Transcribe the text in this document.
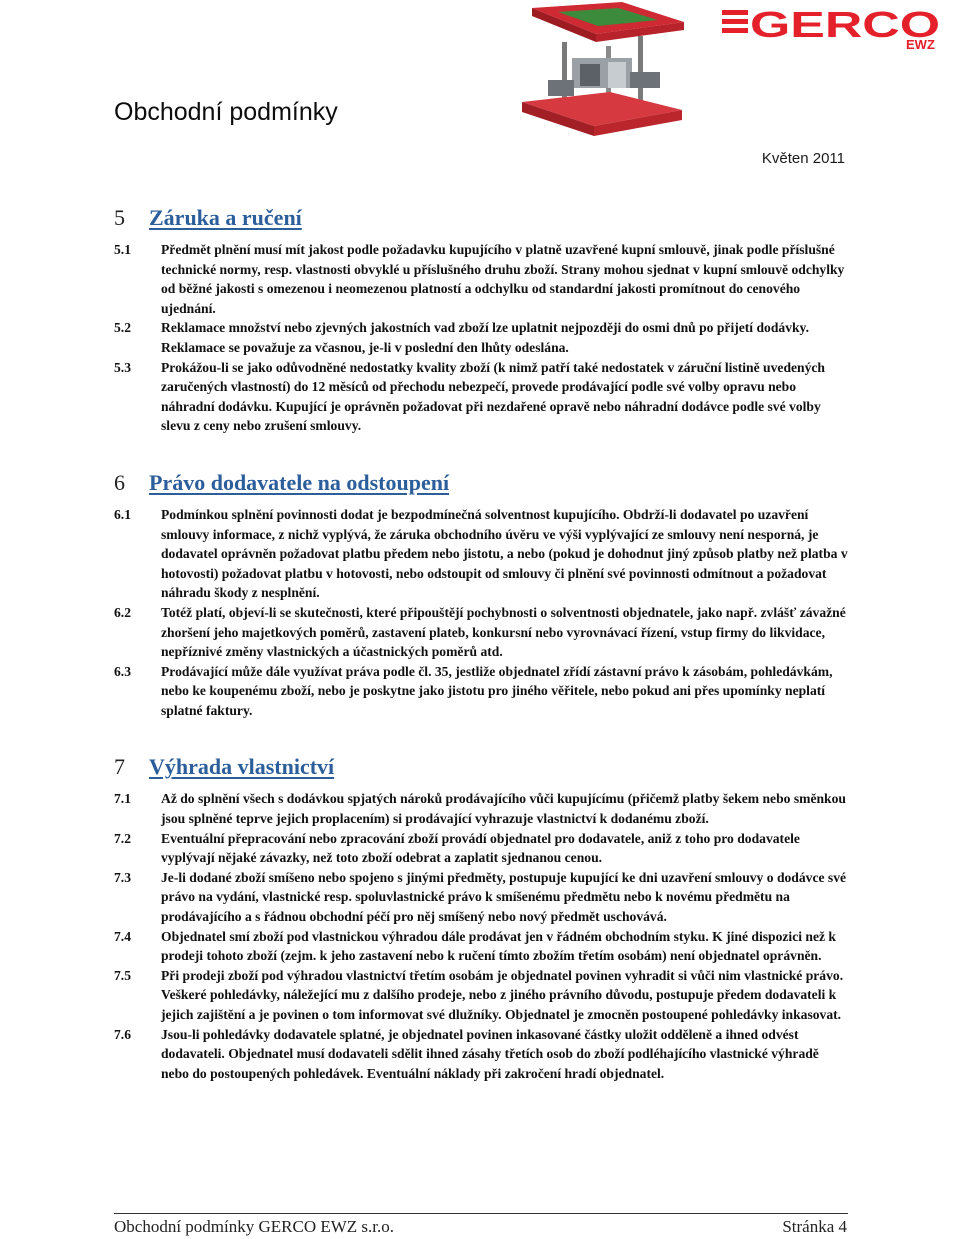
Obchodní podmínky
GERCO
EWZ
Květen 2011
5	Záruka a ručení
5.1	Předmět plnění musí mít jakost podle požadavku kupujícího v platně uzavřené kupní smlouvě, jinak podle příslušné technické normy, resp. vlastnosti obvyklé u příslušného druhu zboží. Strany mohou sjednat v kupní smlouvě odchylky od běžné jakosti s omezenou i neomezenou platností a odchylku od standardní jakosti promítnout do cenového ujednání.
5.2	Reklamace množství nebo zjevných jakostních vad zboží lze uplatnit nejpozději do osmi dnů po přijetí dodávky. Reklamace se považuje za včasnou, je-li v poslední den lhůty odeslána.
5.3	Prokážou-li se jako odůvodněné nedostatky kvality zboží (k nimž patří také nedostatek v záruční listině uvedených zaručených vlastností) do 12 měsíců od přechodu nebezpečí, provede prodávající podle své volby opravu nebo náhradní dodávku. Kupující je oprávněn požadovat při nezdařené opravě nebo náhradní dodávce podle své volby slevu z ceny nebo zrušení smlouvy.
6	Právo dodavatele na odstoupení
6.1	Podmínkou splnění povinnosti dodat je bezpodmínečná solventnost kupujícího. Obdrží-li dodavatel po uzavření smlouvy informace, z nichž vyplývá, že záruka obchodního úvěru ve výši vyplývající ze smlouvy není nesporná, je dodavatel oprávněn požadovat platbu předem nebo jistotu, a nebo (pokud je dohodnut jiný způsob platby než platba v hotovosti) požadovat platbu v hotovosti, nebo odstoupit od smlouvy či plnění své povinnosti odmítnout a požadovat náhradu škody z nesplnění.
6.2	Totéž platí, objeví-li se skutečnosti, které připouštějí pochybnosti o solventnosti objednatele, jako např. zvlášť závažné zhoršení jeho majetkových poměrů, zastavení plateb, konkursní nebo vyrovnávací řízení, vstup firmy do likvidace, nepříznivé změny vlastnických a účastnických poměrů atd.
6.3	Prodávající může dále využívat práva podle čl. 35, jestliže objednatel zřídí zástavní právo k zásobám, pohledávkám, nebo ke koupenému zboží, nebo je poskytne jako jistotu pro jiného věřitele, nebo pokud ani přes upomínky neplatí splatné faktury.
7	Výhrada vlastnictví
7.1	Až do splnění všech s dodávkou spjatých nároků prodávajícího vůči kupujícímu (přičemž platby šekem nebo směnkou jsou splněné teprve jejich proplacením) si prodávající vyhrazuje vlastnictví k dodanému zboží.
7.2	Eventuální přepracování nebo zpracování zboží provádí objednatel pro dodavatele, aniž z toho pro dodavatele vyplývají nějaké závazky, než toto zboží odebrat a zaplatit sjednanou cenou.
7.3	Je-li dodané zboží smíšeno nebo spojeno s jinými předměty, postupuje kupující ke dni uzavření smlouvy o dodávce své právo na vydání, vlastnické resp. spoluvlastnické právo k smíšenému předmětu nebo k novému předmětu na prodávajícího a s řádnou obchodní péčí pro něj smíšený nebo nový předmět uschovává.
7.4	Objednatel smí zboží pod vlastnickou výhradou dále prodávat jen v řádném obchodním styku. K jiné dispozici než k prodeji tohoto zboží (zejm. k jeho zastavení nebo k ručení tímto zbožím třetím osobám) není objednatel oprávněn.
7.5	Při prodeji zboží pod výhradou vlastnictví třetím osobám je objednatel povinen vyhradit si vůči nim vlastnické právo. Veškeré pohledávky, náležející mu z dalšího prodeje, nebo z jiného právního důvodu, postupuje předem dodavateli k jejich zajištění a je povinen o tom informovat své dlužníky. Objednatel je zmocněn postoupené pohledávky inkasovat.
7.6	Jsou-li pohledávky dodavatele splatné, je objednatel povinen inkasované částky uložit odděleně a ihned odvést dodavateli. Objednatel musí dodavateli sdělit ihned zásahy třetích osob do zboží podléhajícího vlastnické výhradě nebo do postoupených pohledávek. Eventuální náklady při zakročení hradí objednatel.
Obchodní podmínky GERCO EWZ s.r.o.	Stránka 4
